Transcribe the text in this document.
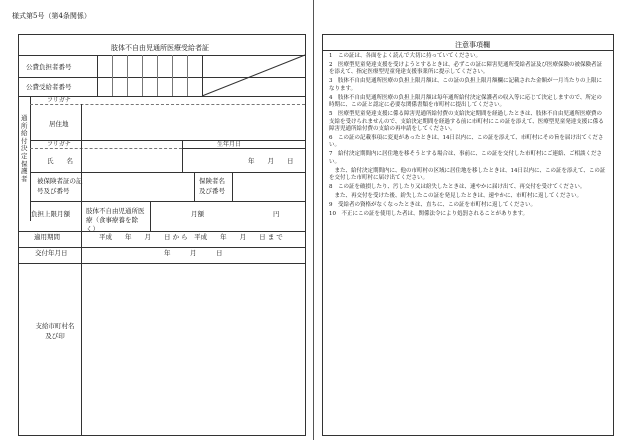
様式第5号（第4条関係）
肢体不自由児通所医療受給者証
公費負担者番号
公費受給者番号
通所給付決定保護者
フリガナ
居住地
フリガナ	生年月日
氏　　名	年　　月　　日
被保険者証の記号及び番号
保険者名及び番号
負担上限月額 肢体不自由児通所医療（食事療養を除く）
月額	円
適用期間	平成　　年　　月　　日 か ら　平成　　年　　月　　日 ま で
交付年月日	年　　　月　　　日
支給市町村名及び印
注意事項欄

1　この証は、各面をよく読んで大切に持っていてください。

2　医療型児童発達支援を受けようとするときは、必ずこの証に障害児通所受給者証及び医療保険の被保険者証を添えて、指定医療型児童発達支援事業所に提示してください。

3　肢体不自由児通所医療の負担上限月額は、この証の負担上限月額欄に記載された金額が一月当たりの上限になります。

4　肢体不自由児通所医療の負担上限月額は毎年通所給付決定保護者の収入等に応じて決定しますので、所定の時期に、この証と認定に必要な関係書類を市町村に提出してください。

5　医療型児童発達支援に係る障害児通所給付費の支給決定期間を経過したときは、肢体不自由児通所医療費の支給を受けられませんので、支給決定期間を経過する前に市町村にこの証を添えて、医療型児童発達支援に係る障害児通所給付費の支給の再申請をしてください。

6　この証の記載事項に変更があったときは、14日以内に、この証を添えて、市町村にその旨を届け出てください。

7　給付決定期間内に居住地を移そうとする場合は、事前に、この証を交付した市町村にご連絡、ご相談ください。

　また、給付決定期間内に、他の市町村の区域に居住地を移したときは、14日以内に、この証を添えて、この証を交付した市町村に届け出てください。

8　この証を破損したり、汚したり又は紛失したときは、速やかに届け出て、再交付を受けてください。

　また、再交付を受けた後、紛失したこの証を発見したときは、速やかに、市町村に返してください。

9　受給者の資格がなくなったときは、直ちに、この証を市町村に返してください。

10　不正にこの証を使用した者は、関係法令により処罰されることがあります。
